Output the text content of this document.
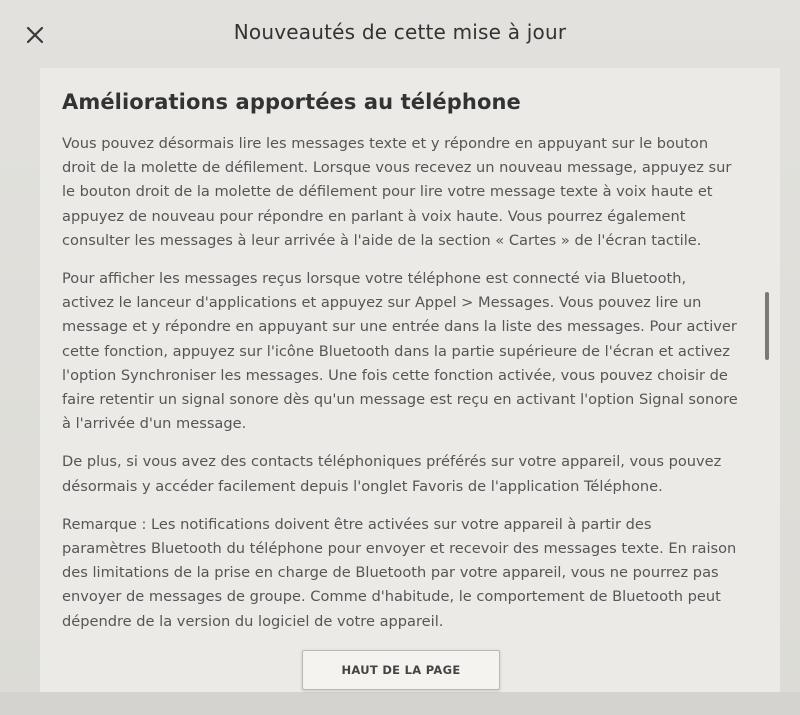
Nouveautés de cette mise à jour
Améliorations apportées au téléphone

Vous pouvez désormais lire les messages texte et y répondre en appuyant sur le bouton droit de la molette de défilement. Lorsque vous recevez un nouveau message, appuyez sur le bouton droit de la molette de défilement pour lire votre message texte à voix haute et appuyez de nouveau pour répondre en parlant à voix haute. Vous pourrez également consulter les messages à leur arrivée à l'aide de la section « Cartes » de l'écran tactile.

Pour afficher les messages reçus lorsque votre téléphone est connecté via Bluetooth, activez le lanceur d'applications et appuyez sur Appel > Messages. Vous pouvez lire un message et y répondre en appuyant sur une entrée dans la liste des messages. Pour activer cette fonction, appuyez sur l'icône Bluetooth dans la partie supérieure de l'écran et activez l'option Synchroniser les messages. Une fois cette fonction activée, vous pouvez choisir de faire retentir un signal sonore dès qu'un message est reçu en activant l'option Signal sonore à l'arrivée d'un message.

De plus, si vous avez des contacts téléphoniques préférés sur votre appareil, vous pouvez désormais y accéder facilement depuis l'onglet Favoris de l'application Téléphone.

Remarque : Les notifications doivent être activées sur votre appareil à partir des paramètres Bluetooth du téléphone pour envoyer et recevoir des messages texte. En raison des limitations de la prise en charge de Bluetooth par votre appareil, vous ne pourrez pas envoyer de messages de groupe. Comme d'habitude, le comportement de Bluetooth peut dépendre de la version du logiciel de votre appareil.

HAUT DE LA PAGE
